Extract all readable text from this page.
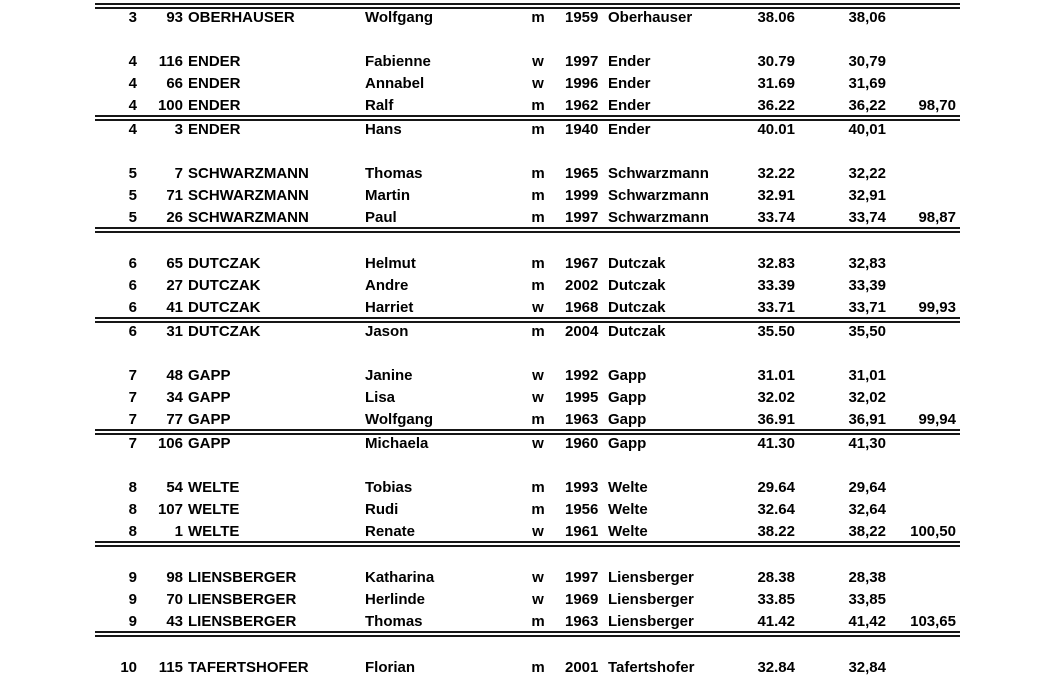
3	93 OBERHAUSER	Wolfgang	m	1959 Oberhauser	38.06	38,06
4	116 ENDER	Fabienne	w	1997 Ender	30.79	30,79
4	66 ENDER	Annabel	w	1996 Ender	31.69	31,69
4	100 ENDER	Ralf	m	1962 Ender	36.22	36,22	98,70
4	3 ENDER	Hans	m	1940 Ender	40.01	40,01
5	7 SCHWARZMANN	Thomas	m	1965 Schwarzmann	32.22	32,22
5	71 SCHWARZMANN	Martin	m	1999 Schwarzmann	32.91	32,91
5	26 SCHWARZMANN	Paul	m	1997 Schwarzmann	33.74	33,74	98,87
6	65 DUTCZAK	Helmut	m	1967 Dutczak	32.83	32,83
6	27 DUTCZAK	Andre	m	2002 Dutczak	33.39	33,39
6	41 DUTCZAK	Harriet	w	1968 Dutczak	33.71	33,71	99,93
6	31 DUTCZAK	Jason	m	2004 Dutczak	35.50	35,50
7	48 GAPP	Janine	w	1992 Gapp	31.01	31,01
7	34 GAPP	Lisa	w	1995 Gapp	32.02	32,02
7	77 GAPP	Wolfgang	m	1963 Gapp	36.91	36,91	99,94
7	106 GAPP	Michaela	w	1960 Gapp	41.30	41,30
8	54 WELTE	Tobias	m	1993 Welte	29.64	29,64
8	107 WELTE	Rudi	m	1956 Welte	32.64	32,64
8	1 WELTE	Renate	w	1961 Welte	38.22	38,22	100,50
9	98 LIENSBERGER	Katharina	w	1997 Liensberger	28.38	28,38
9	70 LIENSBERGER	Herlinde	w	1969 Liensberger	33.85	33,85
9	43 LIENSBERGER	Thomas	m	1963 Liensberger	41.42	41,42	103,65
10	115 TAFERTSHOFER	Florian	m	2001 Tafertshofer	32.84	32,84
